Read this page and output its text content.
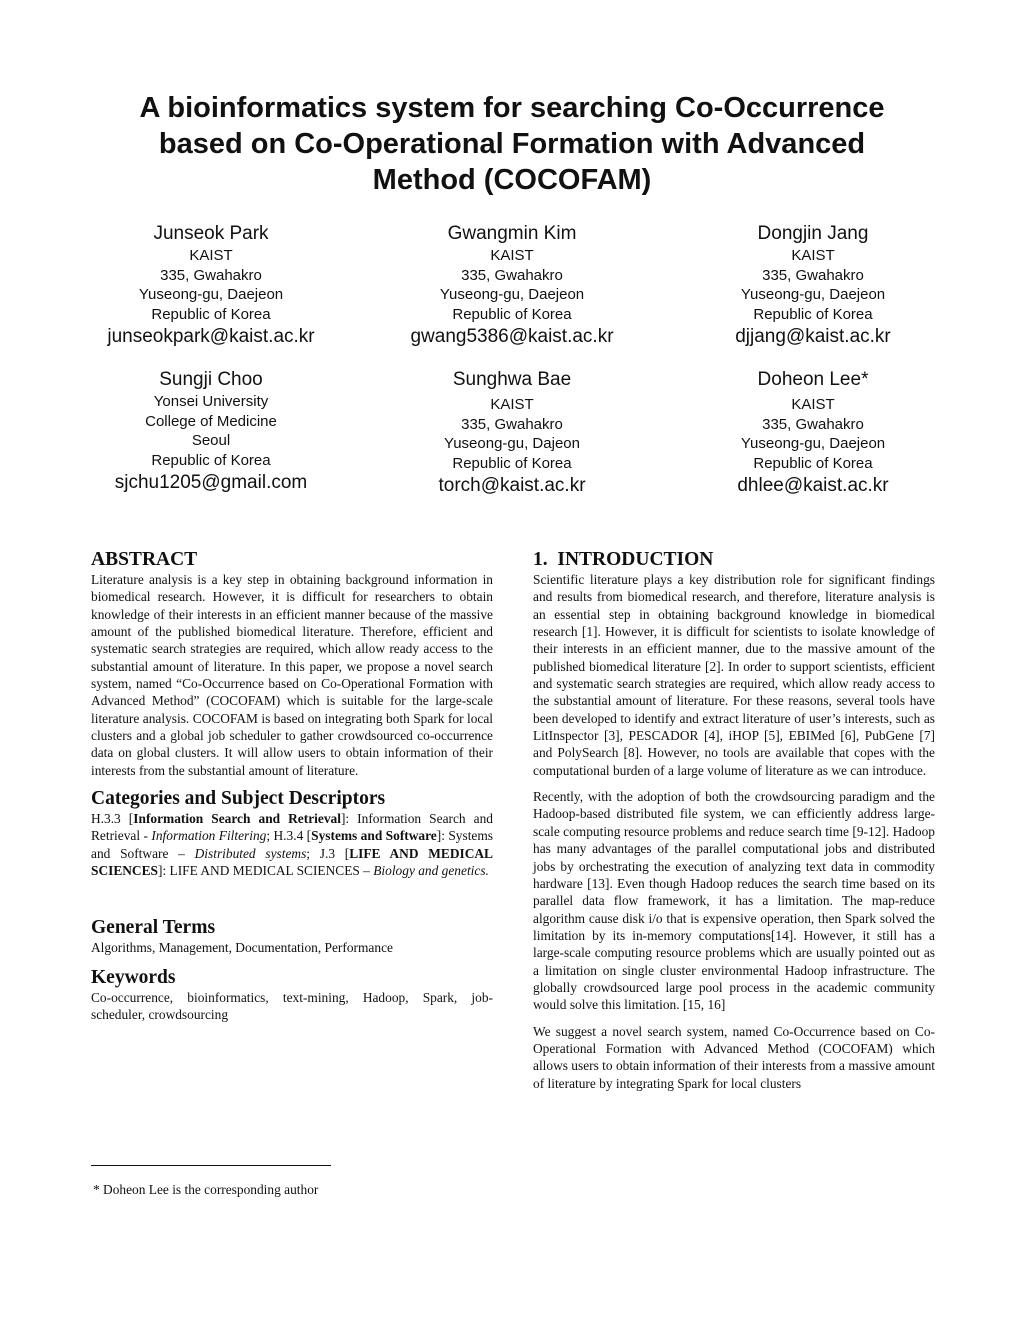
A bioinformatics system for searching Co-Occurrence
based on Co-Operational Formation with Advanced
Method (COCOFAM)
Junseok Park
KAIST
335, Gwahakro
Yuseong-gu, Daejeon
Republic of Korea
junseokpark@kaist.ac.kr
Gwangmin Kim
KAIST
335, Gwahakro
Yuseong-gu, Daejeon
Republic of Korea
gwang5386@kaist.ac.kr
Dongjin Jang
KAIST
335, Gwahakro
Yuseong-gu, Daejeon
Republic of Korea
djjang@kaist.ac.kr
Sungji Choo
Yonsei University
College of Medicine
Seoul
Republic of Korea
sjchu1205@gmail.com
Sunghwa Bae
KAIST
335, Gwahakro
Yuseong-gu, Dajeon
Republic of Korea
torch@kaist.ac.kr
Doheon Lee*
KAIST
335, Gwahakro
Yuseong-gu, Daejeon
Republic of Korea
dhlee@kaist.ac.kr
ABSTRACT

Literature analysis is a key step in obtaining background information in biomedical research. However, it is difficult for researchers to obtain knowledge of their interests in an efficient manner because of the massive amount of the published biomedical literature. Therefore, efficient and systematic search strategies are required, which allow ready access to the substantial amount of literature. In this paper, we propose a novel search system, named “Co-Occurrence based on Co-Operational Formation with Advanced Method” (COCOFAM) which is suitable for the large-scale literature analysis. COCOFAM is based on integrating both Spark for local clusters and a global job scheduler to gather crowdsourced co-occurrence data on global clusters. It will allow users to obtain information of their interests from the substantial amount of literature.

Categories and Subject Descriptors

H.3.3 [Information Search and Retrieval]: Information Search and Retrieval - Information Filtering; H.3.4 [Systems and Software]: Systems and Software – Distributed systems; J.3 [LIFE AND MEDICAL SCIENCES]: LIFE AND MEDICAL SCIENCES – Biology and genetics.

General Terms

Algorithms, Management, Documentation, Performance

Keywords

Co-occurrence, bioinformatics, text-mining, Hadoop, Spark, job-scheduler, crowdsourcing

1.  INTRODUCTION

Scientific literature plays a key distribution role for significant findings and results from biomedical research, and therefore, literature analysis is an essential step in obtaining background knowledge in biomedical research [1]. However, it is difficult for scientists to isolate knowledge of their interests in an efficient manner, due to the massive amount of the published biomedical literature [2]. In order to support scientists, efficient and systematic search strategies are required, which allow ready access to the substantial amount of literature. For these reasons, several tools have been developed to identify and extract literature of user’s interests, such as LitInspector [3], PESCADOR [4], iHOP [5], EBIMed [6], PubGene [7] and PolySearch [8]. However, no tools are available that copes with the computational burden of a large volume of literature as we can introduce.

Recently, with the adoption of both the crowdsourcing paradigm and the Hadoop-based distributed file system, we can efficiently address large-scale computing resource problems and reduce search time [9-12]. Hadoop has many advantages of the parallel computational jobs and distributed jobs by orchestrating the execution of analyzing text data in commodity hardware [13]. Even though Hadoop reduces the search time based on its parallel data flow framework, it has a limitation. The map-reduce algorithm cause disk i/o that is expensive operation, then Spark solved the limitation by its in-memory computations[14]. However, it still has a large-scale computing resource problems which are usually pointed out as a limitation on single cluster environmental Hadoop infrastructure. The globally crowdsourced large pool process in the academic community would solve this limitation. [15, 16]

We suggest a novel search system, named Co-Occurrence based on Co-Operational Formation with Advanced Method (COCOFAM) which allows users to obtain information of their interests from a massive amount of literature by integrating Spark for local clusters

* Doheon Lee is the corresponding author
